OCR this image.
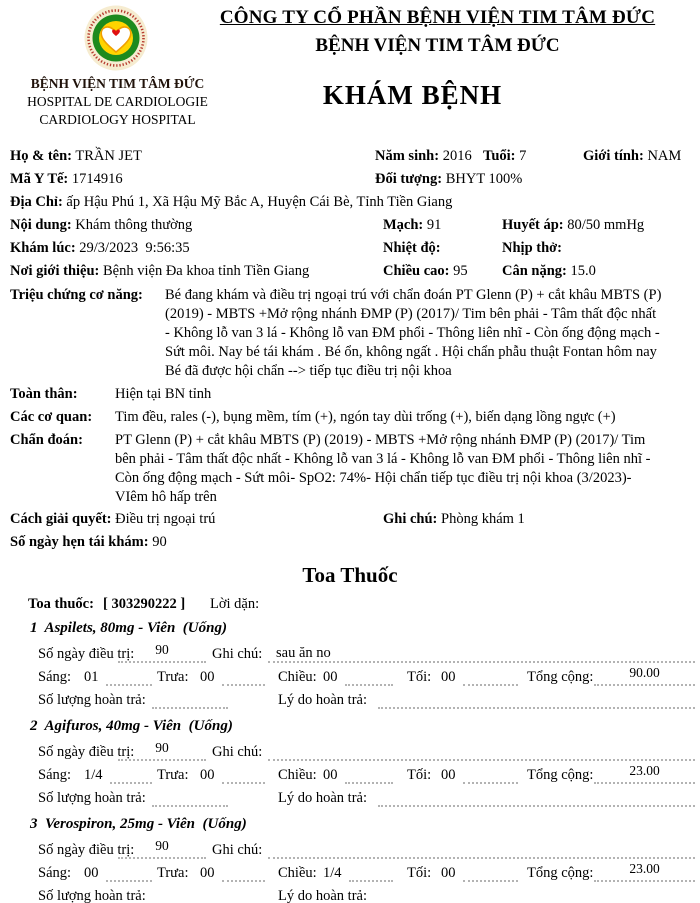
CÔNG TY CỔ PHẦN BỆNH VIỆN TIM TÂM ĐỨC
BỆNH VIỆN TIM TÂM ĐỨC
BỆNH VIỆN TIM TÂM ĐỨC
HOSPITAL DE CARDIOLOGIE
CARDIOLOGY HOSPITAL
KHÁM BỆNH
Họ & tên: TRẦN JET	Năm sinh: 2016 Tuổi: 7	Giới tính: NAM
Mã Y Tế: 1714916	Đối tượng: BHYT 100%
Địa Chỉ: ấp Hậu Phú 1, Xã Hậu Mỹ Bắc A, Huyện Cái Bè, Tỉnh Tiền Giang
Nội dung: Khám thông thường	Mạch: 91	Huyết áp: 80/50 mmHg
Khám lúc: 29/3/2023  9:56:35	Nhiệt độ:	Nhịp thở:
Nơi giới thiệu: Bệnh viện Đa khoa tỉnh Tiền Giang	Chiều cao: 95 Cân nặng: 15.0
Triệu chứng cơ năng:	Bé đang khám và điều trị ngoại trú với chẩn đoán PT Glenn (P) + cắt khâu MBTS (P) (2019) - MBTS +Mở rộng nhánh ĐMP (P) (2017)/ Tim bên phải - Tâm thất độc nhất - Không lỗ van 3 lá - Không lỗ van ĐM phổi - Thông liên nhĩ - Còn ống động mạch - Sứt môi. Nay bé tái khám . Bé ổn, không ngất . Hội chẩn phẫu thuật Fontan hôm nay

Bé đã được hội chẩn --> tiếp tục điều trị nội khoa

Toàn thân:	Hiện tại BN tỉnh
Các cơ quan:	Tim đều, rales (-), bụng mềm, tím (+), ngón tay dùi trống (+), biến dạng lồng ngực (+)
Chẩn đoán:	PT Glenn (P) + cắt khâu MBTS (P) (2019) - MBTS +Mở rộng nhánh ĐMP (P) (2017)/ Tim bên phải - Tâm thất độc nhất - Không lỗ van 3 lá - Không lỗ van ĐM phổi - Thông liên nhĩ - Còn ống động mạch - Sứt môi- SpO2: 74%- Hội chẩn tiếp tục điều trị nội khoa (3/2023)- VIêm hô hấp trên
Cách giải quyết: Điều trị ngoại trú	Ghi chú: Phòng khám 1
Số ngày hẹn tái khám: 90
Toa Thuốc
Toa thuốc: [ 303290222 ] Lời dặn:
1 Aspilets, 80mg - Viên  (Uống)
Số ngày điều trị:	90	Ghi chú: sau ăn no
Sáng: 01	Trưa: 00	Chiều: 00	Tối: 00	Tổng cộng:	90.00
Số lượng hoàn trả:	Lý do hoàn trả:
2 Agifuros, 40mg - Viên  (Uống)
Số ngày điều trị:	90	Ghi chú:
Sáng: 1/4	Trưa: 00	Chiều: 00	Tối: 00	Tổng cộng:	23.00
Số lượng hoàn trả:	Lý do hoàn trả:
3 Verospiron, 25mg - Viên  (Uống)
Số ngày điều trị:	90	Ghi chú:
Sáng: 00	Trưa: 00	Chiều: 1/4	Tối: 00	Tổng cộng:	23.00
Số lượng hoàn trả:	Lý do hoàn trả:
